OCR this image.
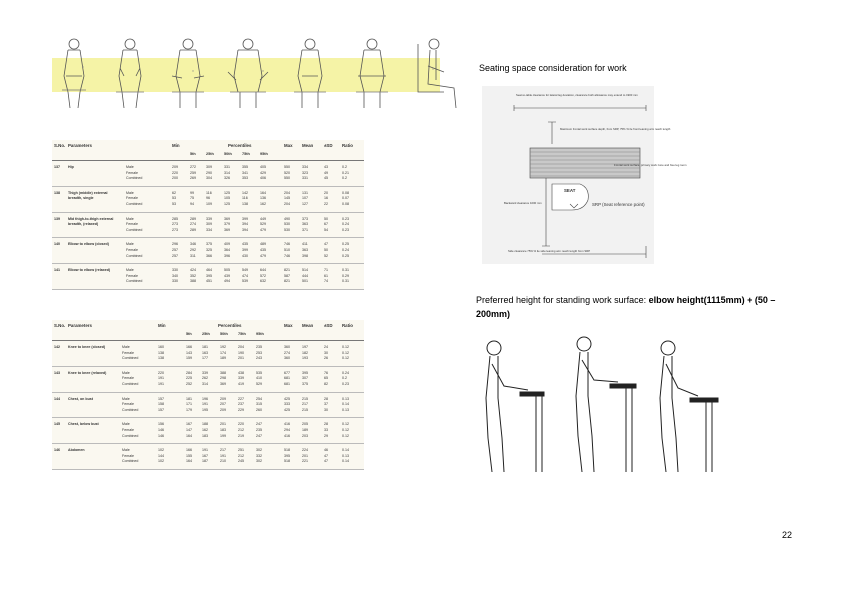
X
X	X	X
S.No. Parameters	Min	Percentiles
5th	25th	50th	75th	95th
Max Mean ±SD Ratio
137 Hip	Male	209	272	309	331	355	405	550	334	43	0.2
Female	220	259	290	314	341	429	520	323	49	0.21
Combined	200	269	304	326	353	406	550	331	45	0.2
138 Thigh (middle) external breadth, single
Male	62	99	116	125	142	164	204	131	20	0.08
Female	53	75	96	105	116	136	145	107	16	0.07
Combined	53	94	109	125	138	162	204	127	22	0.08
139 Mid thigh-to-thigh external breadth, (relaxed)
Male	285	289	339	369	399	449	490	373	50	0.23
Female	273	274	309	379	394	529	530	363	67	0.24
Combined	273	289	334	369	394	479	530	371	54	0.23
140 Elbow to elbow (closed)	Male	296	346	375	409	435	489	746	411	47	0.25
Female	257	292	325	364	399	435	510	363	50	0.24
Combined	257	311	366	396	430	479	746	398	52	0.25
141 Elbow to elbow (relaxed)	Male	330	424	464	505	549	644	821	514	71	0.31
Female	340	352	395	439	474	572	587	444	61	0.29
Combined	330	388	451	494	539	632	821	501	74	0.31
S.No. Parameters	Min	Percentiles
5th	25th	50th	75th	95th
Max Mean ±SD Ratio
142 Knee to knee (closed)	Male	160	166	181	192	204	235	360	197	24	0.12
Female	138	143	163	174	190	253	274	182	30	0.12
Combined	138	159	177	189	201	243	360	193	26	0.12
143 Knee to knee (relaxed)	Male	220	284	339	388	438	535	677	395	76	0.24
Female	191	225	262	298	339	410	681	307	65	0.2
Combined	191	252	314	369	419	529	681	375	82	0.23
144 Chest, on bust	Male	157	181	196	209	227	254	425	215	28	0.13
Female	158	171	191	207	237	315	333	217	37	0.14
Combined	157	179	195	209	229	260	425	215	30	0.13
145 Chest, below bust	Male	156	167	188	201	220	247	416	205	28	0.12
Female	146	147	162	183	212	235	294	189	33	0.12
Combined	146	164	183	199	219	247	416	203	29	0.12
146 Abdomen	Male	102	166	191	217	251	302	518	224	46	0.14
Female	144	155	167	191	212	332	395	201	47	0.13
Combined	102	164	187	210	245	302	518	221	47	0.14
Seating space consideration for work
Seat-to-table clearance for lateral leg deviation, clearance both allowance may extend to 1900 mm
Maximum frontal work surface depth, from SRP, 75% % ile front leaning arm reach length
Frontal work surface, primary work zone and free leg room
SEAT
SRP (Seat reference point)
Backward clearance 1000 mm
Side clearance 75% % ile side leaning arm reach length from SRP
Preferred height for standing work surface: elbow height(1115mm) + (50 – 200mm)
22
